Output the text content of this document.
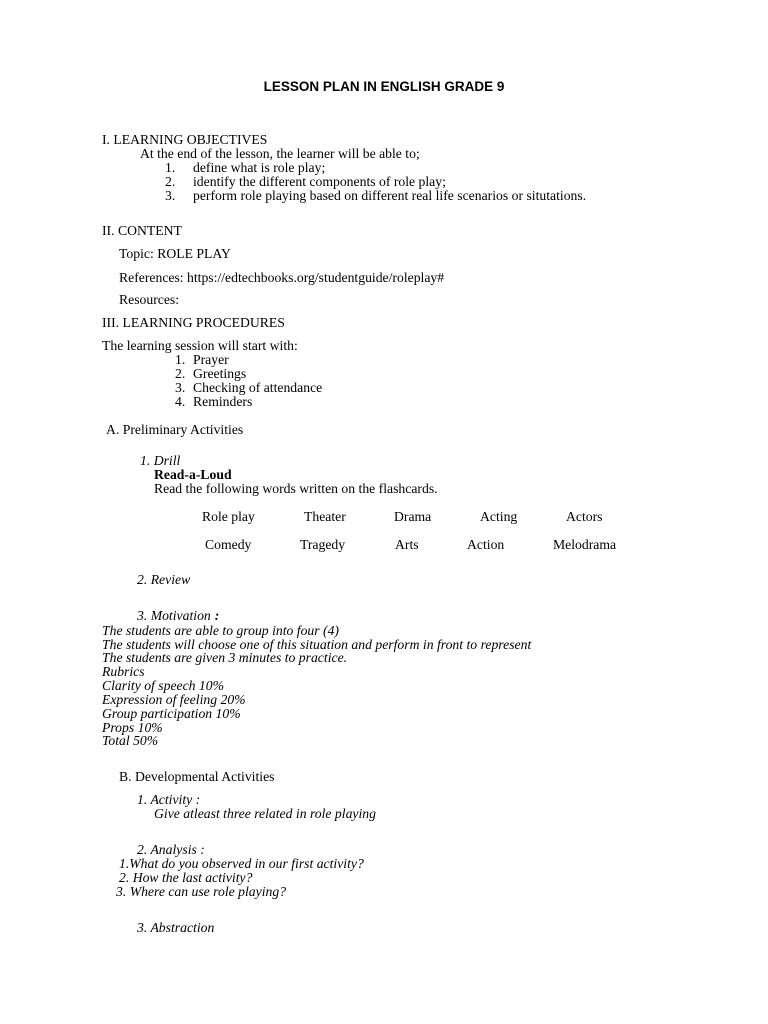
LESSON PLAN IN ENGLISH GRADE 9
I. LEARNING OBJECTIVES
At the end of the lesson, the learner will be able to;
1. define what is role play;
2. identify the different components of role play;
3. perform role playing based on different real life scenarios or situtations.
II. CONTENT
Topic: ROLE PLAY
References: https://edtechbooks.org/studentguide/roleplay#
Resources:
III. LEARNING PROCEDURES
The learning session will start with:
1. Prayer
2. Greetings
3. Checking of attendance
4. Reminders
A. Preliminary Activities
1. Drill
Read-a-Loud
Read the following words written on the flashcards.
Role play	Theater	Drama	Acting	Actors
Comedy	Tragedy	Arts	Action	Melodrama
2. Review
3. Motivation :
The students are able to group into four (4)
The students will choose one of this situation and perform in front to represent
The students are given 3 minutes to practice.
Rubrics
Clarity of speech 10%
Expression of feeling 20%
Group participation 10%
Props 10%
Total 50%
B. Developmental Activities
1. Activity :
Give atleast three related in role playing
2. Analysis :
1.What do you observed in our first activity?
2. How the last activity?
3. Where can use role playing?
3. Abstraction
